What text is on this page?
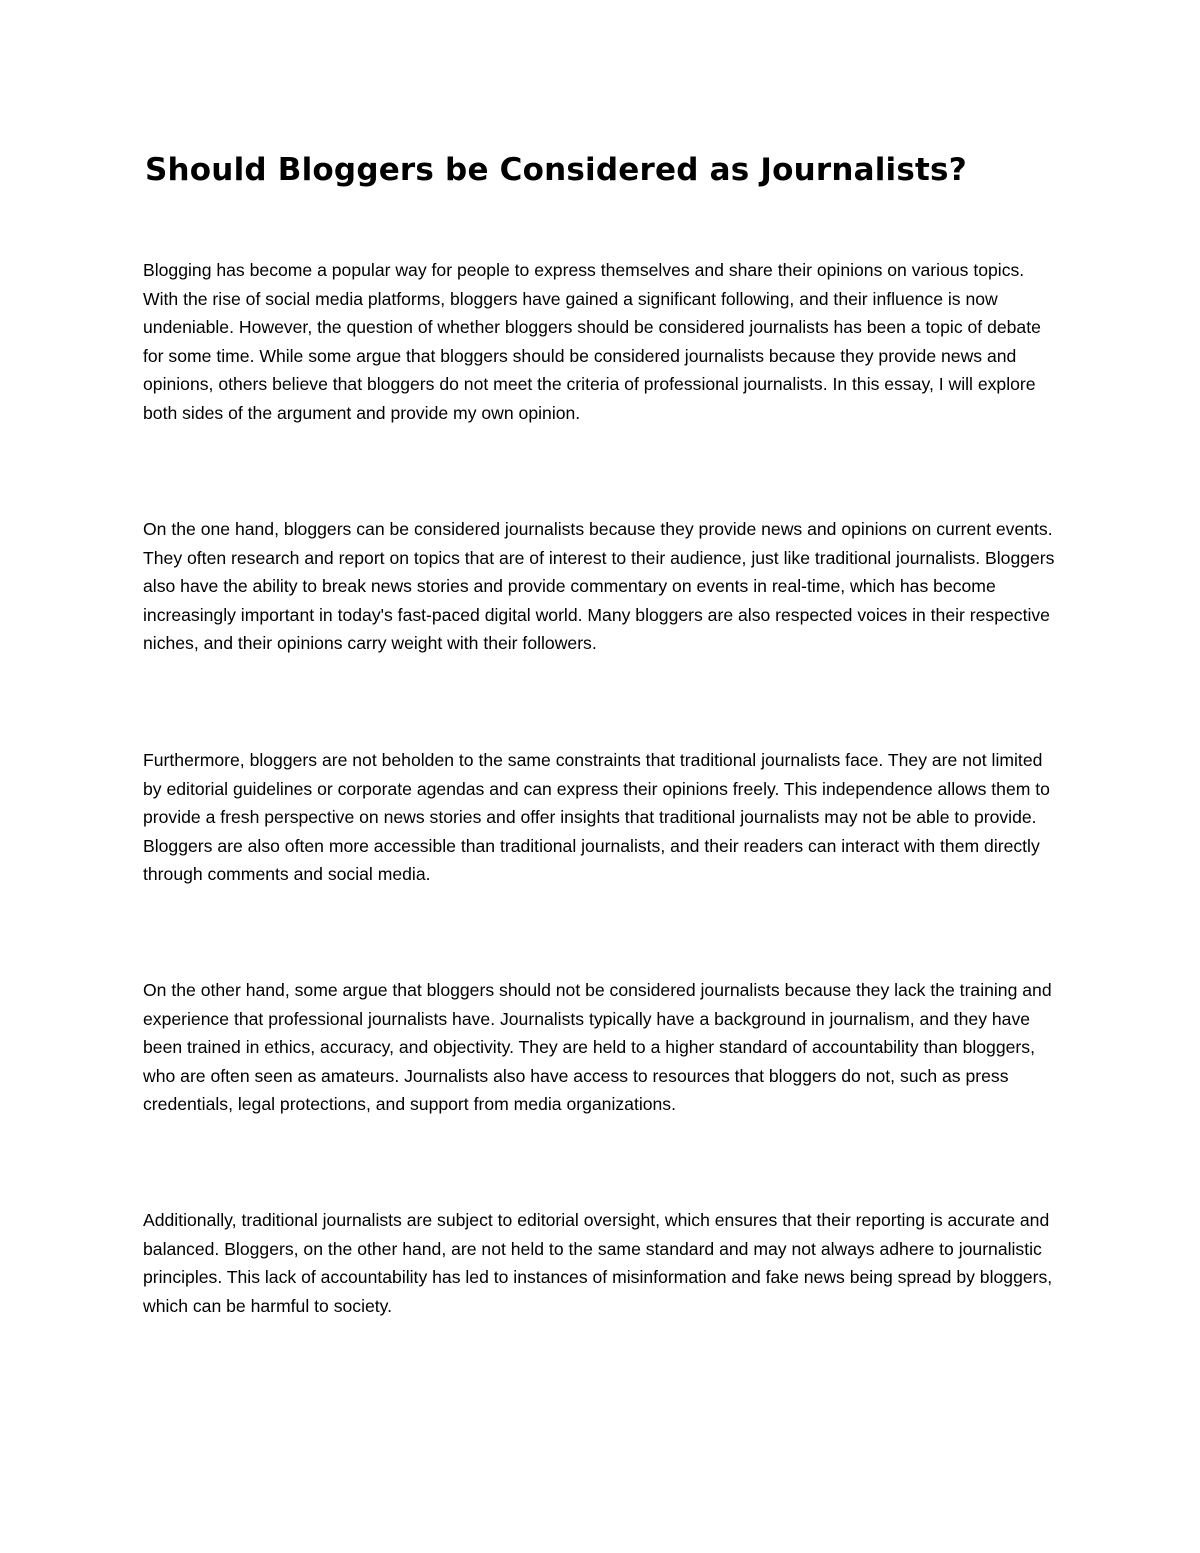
Should Bloggers be Considered as Journalists?

Blogging has become a popular way for people to express themselves and share their opinions on various topics. With the rise of social media platforms, bloggers have gained a significant following, and their influence is now undeniable. However, the question of whether bloggers should be considered journalists has been a topic of debate for some time. While some argue that bloggers should be considered journalists because they provide news and opinions, others believe that bloggers do not meet the criteria of professional journalists. In this essay, I will explore both sides of the argument and provide my own opinion.

On the one hand, bloggers can be considered journalists because they provide news and opinions on current events. They often research and report on topics that are of interest to their audience, just like traditional journalists. Bloggers also have the ability to break news stories and provide commentary on events in real-time, which has become increasingly important in today's fast-paced digital world. Many bloggers are also respected voices in their respective niches, and their opinions carry weight with their followers.

Furthermore, bloggers are not beholden to the same constraints that traditional journalists face. They are not limited by editorial guidelines or corporate agendas and can express their opinions freely. This independence allows them to provide a fresh perspective on news stories and offer insights that traditional journalists may not be able to provide. Bloggers are also often more accessible than traditional journalists, and their readers can interact with them directly through comments and social media.

On the other hand, some argue that bloggers should not be considered journalists because they lack the training and experience that professional journalists have. Journalists typically have a background in journalism, and they have been trained in ethics, accuracy, and objectivity. They are held to a higher standard of accountability than bloggers, who are often seen as amateurs. Journalists also have access to resources that bloggers do not, such as press credentials, legal protections, and support from media organizations.

Additionally, traditional journalists are subject to editorial oversight, which ensures that their reporting is accurate and balanced. Bloggers, on the other hand, are not held to the same standard and may not always adhere to journalistic principles. This lack of accountability has led to instances of misinformation and fake news being spread by bloggers, which can be harmful to society.
